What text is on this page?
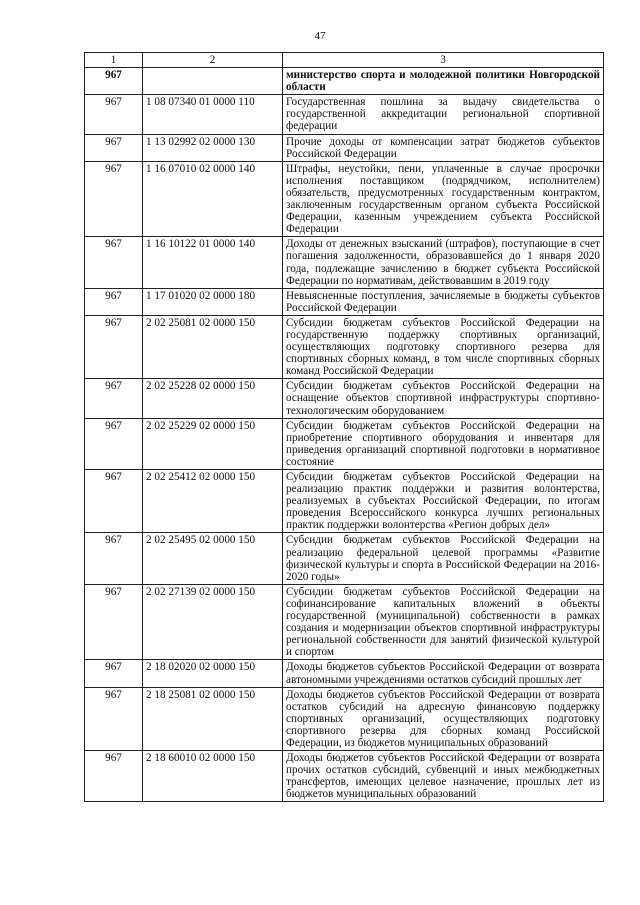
47
1	2	3
967		министерство спорта и молодежной политики Новгородской области
967	1 08 07340 01 0000 110	Государственная пошлина за выдачу свидетельства о государственной аккредитации региональной спортивной федерации
967	1 13 02992 02 0000 130	Прочие доходы от компенсации затрат бюджетов субъектов Российской Федерации
967	1 16 07010 02 0000 140	Штрафы, неустойки, пени, уплаченные в случае просрочки исполнения поставщиком (подрядчиком, исполнителем) обязательств, предусмотренных государственным контрактом, заключенным государственным органом субъекта Российской Федерации, казенным учреждением субъекта Российской Федерации
967	1 16 10122 01 0000 140	Доходы от денежных взысканий (штрафов), поступающие в счет погашения задолженности, образовавшейся до 1 января 2020 года, подлежащие зачислению в бюджет субъекта Российской Федерации по нормативам, действовавшим в 2019 году
967	1 17 01020 02 0000 180	Невыясненные поступления, зачисляемые в бюджеты субъектов Российской Федерации
967	2 02 25081 02 0000 150	Субсидии бюджетам субъектов Российской Федерации на государственную поддержку спортивных организаций, осуществляющих подготовку спортивного резерва для спортивных сборных команд, в том числе спортивных сборных команд Российской Федерации
967	2 02 25228 02 0000 150	Субсидии бюджетам субъектов Российской Федерации на оснащение объектов спортивной инфраструктуры спортивно-технологическим оборудованием
967	2 02 25229 02 0000 150	Субсидии бюджетам субъектов Российской Федерации на приобретение спортивного оборудования и инвентаря для приведения организаций спортивной подготовки в нормативное состояние
967	2 02 25412 02 0000 150	Субсидии бюджетам субъектов Российской Федерации на реализацию практик поддержки и развития волонтерства, реализуемых в субъектах Российской Федерации, по итогам проведения Всероссийского конкурса лучших региональных практик поддержки волонтерства «Регион добрых дел»
967	2 02 25495 02 0000 150	Субсидии бюджетам субъектов Российской Федерации на реализацию федеральной целевой программы «Развитие физической культуры и спорта в Российской Федерации на 2016-2020 годы»
967	2 02 27139 02 0000 150	Субсидии бюджетам субъектов Российской Федерации на софинансирование капитальных вложений в объекты государственной (муниципальной) собственности в рамках создания и модернизации объектов спортивной инфраструктуры региональной собственности для занятий физической культурой и спортом
967	2 18 02020 02 0000 150	Доходы бюджетов субъектов Российской Федерации от возврата автономными учреждениями остатков субсидий прошлых лет
967	2 18 25081 02 0000 150	Доходы бюджетов субъектов Российской Федерации от возврата остатков субсидий на адресную финансовую поддержку спортивных организаций, осуществляющих подготовку спортивного резерва для сборных команд Российской Федерации, из бюджетов муниципальных образований
967	2 18 60010 02 0000 150	Доходы бюджетов субъектов Российской Федерации от возврата прочих остатков субсидий, субвенций и иных межбюджетных трансфертов, имеющих целевое назначение, прошлых лет из бюджетов муниципальных образований
